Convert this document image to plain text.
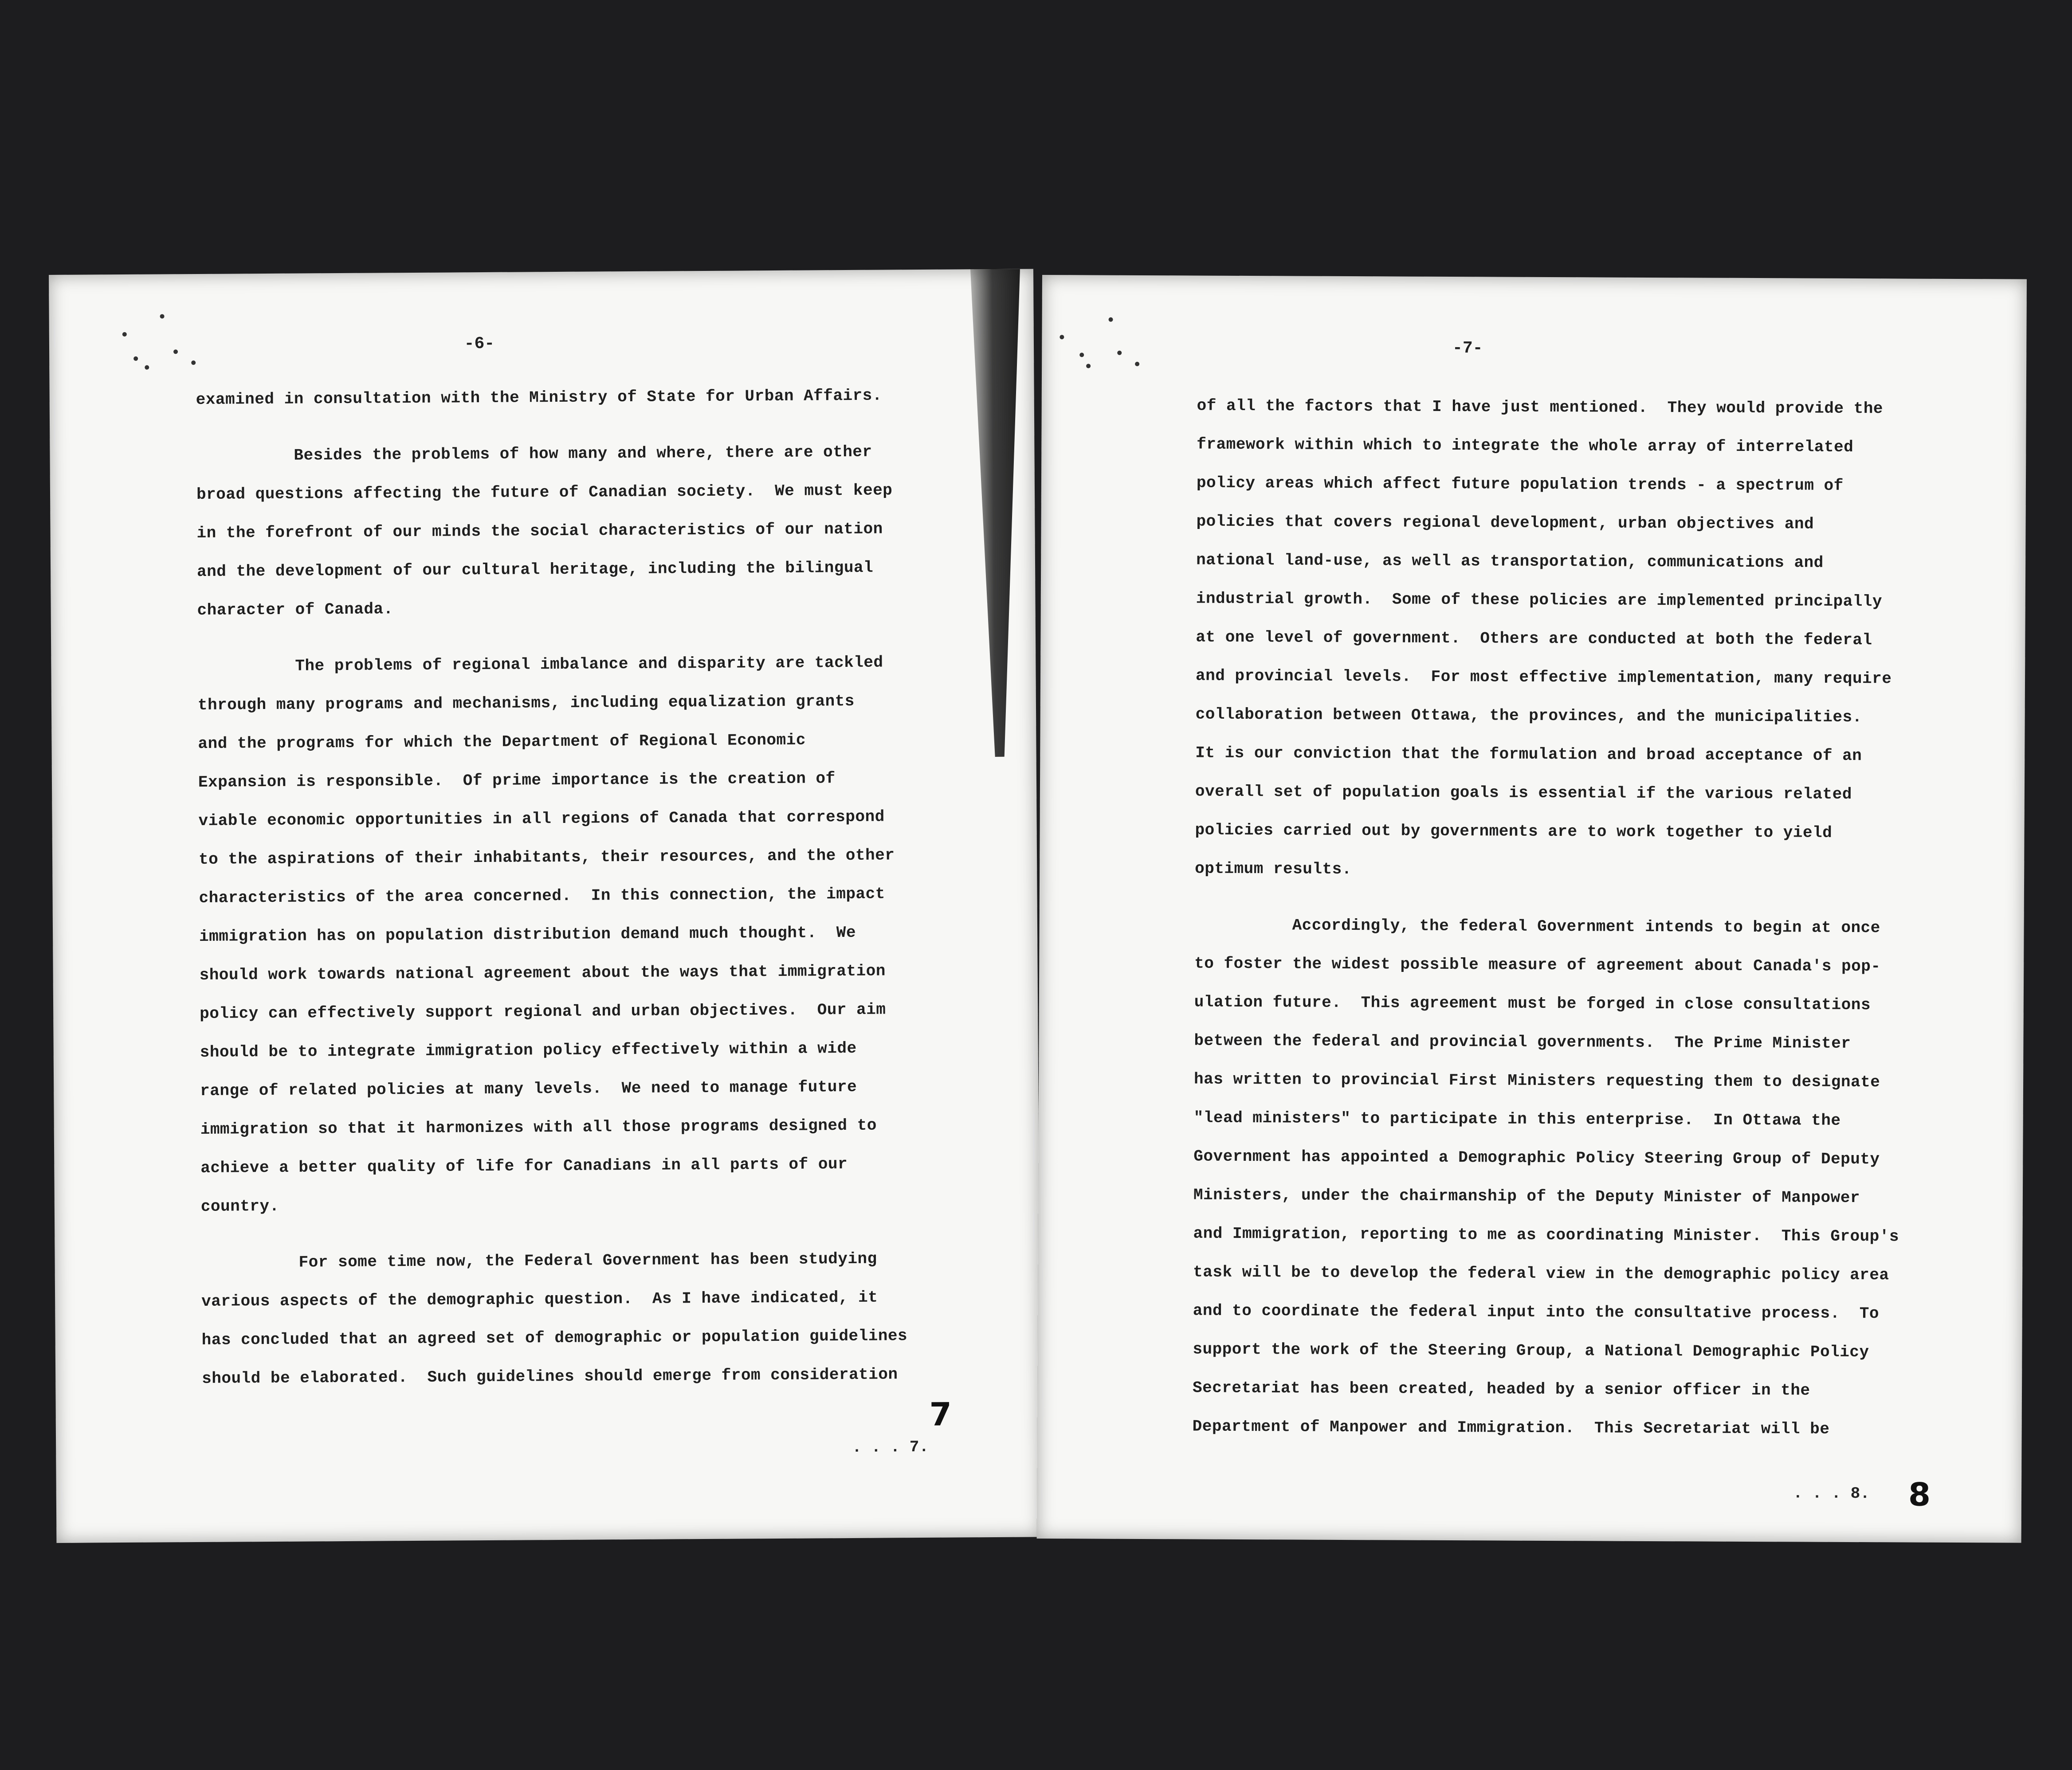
-6-
examined in consultation with the Ministry of State for Urban Affairs.
Besides the problems of how many and where, there are other
broad questions affecting the future of Canadian society.  We must keep
in the forefront of our minds the social characteristics of our nation
and the development of our cultural heritage, including the bilingual
character of Canada.
The problems of regional imbalance and disparity are tackled
through many programs and mechanisms, including equalization grants
and the programs for which the Department of Regional Economic
Expansion is responsible.  Of prime importance is the creation of
viable economic opportunities in all regions of Canada that correspond
to the aspirations of their inhabitants, their resources, and the other
characteristics of the area concerned.  In this connection, the impact
immigration has on population distribution demand much thought.  We
should work towards national agreement about the ways that immigration
policy can effectively support regional and urban objectives.  Our aim
should be to integrate immigration policy effectively within a wide
range of related policies at many levels.  We need to manage future
immigration so that it harmonizes with all those programs designed to
achieve a better quality of life for Canadians in all parts of our
country.
For some time now, the Federal Government has been studying
various aspects of the demographic question.  As I have indicated, it
has concluded that an agreed set of demographic or population guidelines
should be elaborated.  Such guidelines should emerge from consideration
7
. . . 7.
-7-
of all the factors that I have just mentioned.  They would provide the
framework within which to integrate the whole array of interrelated
policy areas which affect future population trends - a spectrum of
policies that covers regional development, urban objectives and
national land-use, as well as transportation, communications and
industrial growth.  Some of these policies are implemented principally
at one level of government.  Others are conducted at both the federal
and provincial levels.  For most effective implementation, many require
collaboration between Ottawa, the provinces, and the municipalities.
It is our conviction that the formulation and broad acceptance of an
overall set of population goals is essential if the various related
policies carried out by governments are to work together to yield
optimum results.
Accordingly, the federal Government intends to begin at once
to foster the widest possible measure of agreement about Canada's pop-
ulation future.  This agreement must be forged in close consultations
between the federal and provincial governments.  The Prime Minister
has written to provincial First Ministers requesting them to designate
"lead ministers" to participate in this enterprise.  In Ottawa the
Government has appointed a Demographic Policy Steering Group of Deputy
Ministers, under the chairmanship of the Deputy Minister of Manpower
and Immigration, reporting to me as coordinating Minister.  This Group's
task will be to develop the federal view in the demographic policy area
and to coordinate the federal input into the consultative process.  To
support the work of the Steering Group, a National Demographic Policy
Secretariat has been created, headed by a senior officer in the
Department of Manpower and Immigration.  This Secretariat will be
. . . 8. 8
